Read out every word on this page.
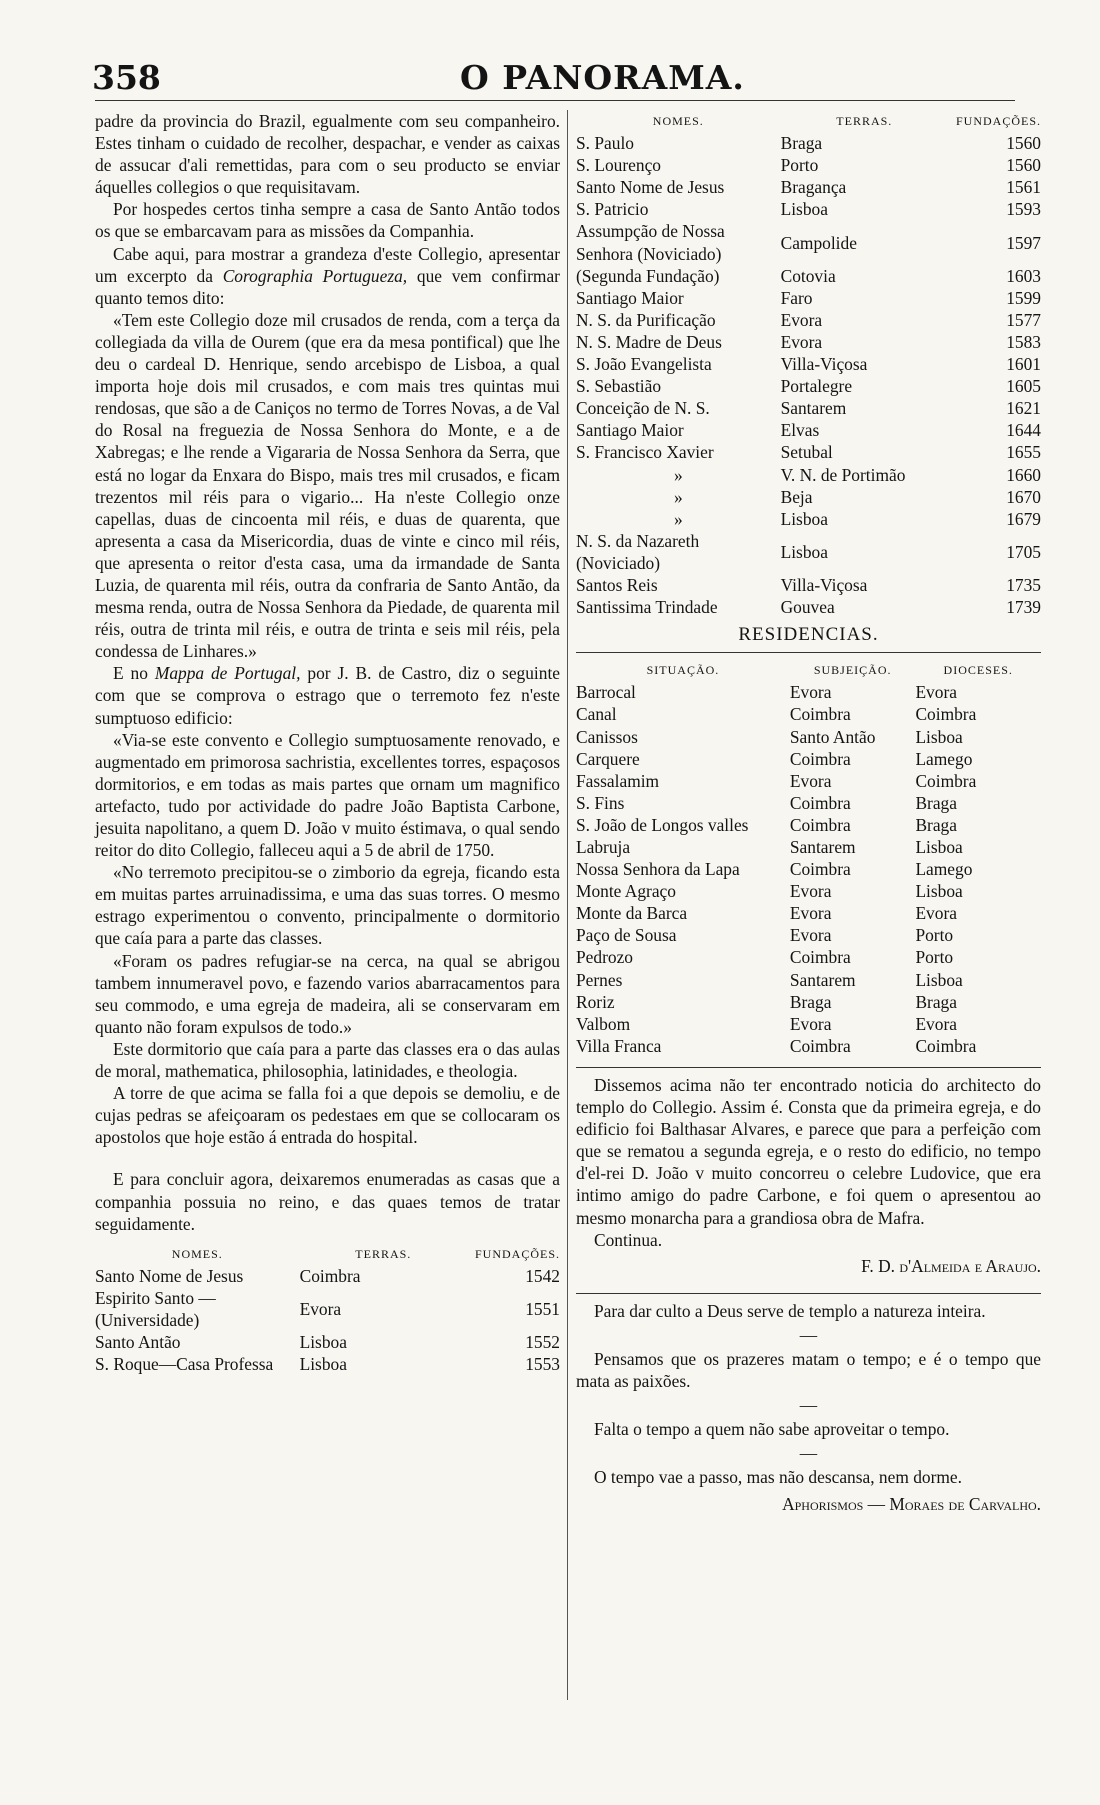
358	O PANORAMA.

padre da provincia do Brazil, egualmente com seu companheiro. Estes tinham o cuidado de recolher, despachar, e vender as caixas de assucar d'ali remettidas, para com o seu producto se enviar áquelles collegios o que requisitavam.

Por hospedes certos tinha sempre a casa de Santo Antão todos os que se embarcavam para as missões da Companhia.

Cabe aqui, para mostrar a grandeza d'este Collegio, apresentar um excerpto da Corographia Portugueza, que vem confirmar quanto temos dito:

«Tem este Collegio doze mil crusados de renda, com a terça da collegiada da villa de Ourem (que era da mesa pontifical) que lhe deu o cardeal D. Henrique, sendo arcebispo de Lisboa, a qual importa hoje dois mil crusados, e com mais tres quintas mui rendosas, que são a de Caniços no termo de Torres Novas, a de Val do Rosal na freguezia de Nossa Senhora do Monte, e a de Xabregas; e lhe rende a Vigararia de Nossa Senhora da Serra, que está no logar da Enxara do Bispo, mais tres mil crusados, e ficam trezentos mil réis para o vigario... Ha n'este Collegio onze capellas, duas de cincoenta mil réis, e duas de quarenta, que apresenta a casa da Misericordia, duas de vinte e cinco mil réis, que apresenta o reitor d'esta casa, uma da irmandade de Santa Luzia, de quarenta mil réis, outra da confraria de Santo Antão, da mesma renda, outra de Nossa Senhora da Piedade, de quarenta mil réis, outra de trinta mil réis, e outra de trinta e seis mil réis, pela condessa de Linhares.»

E no Mappa de Portugal, por J. B. de Castro, diz o seguinte com que se comprova o estrago que o terremoto fez n'este sumptuoso edificio:

«Via-se este convento e Collegio sumptuosamente renovado, e augmentado em primorosa sachristia, excellentes torres, espaçosos dormitorios, e em todas as mais partes que ornam um magnifico artefacto, tudo por actividade do padre João Baptista Carbone, jesuita napolitano, a quem D. João v muito éstimava, o qual sendo reitor do dito Collegio, falleceu aqui a 5 de abril de 1750.

«No terremoto precipitou-se o zimborio da egreja, ficando esta em muitas partes arruinadissima, e uma das suas torres. O mesmo estrago experimentou o convento, principalmente o dormitorio que caía para a parte das classes.

«Foram os padres refugiar-se na cerca, na qual se abrigou tambem innumeravel povo, e fazendo varios abarracamentos para seu commodo, e uma egreja de madeira, ali se conservaram em quanto não foram expulsos de todo.»

Este dormitorio que caía para a parte das classes era o das aulas de moral, mathematica, philosophia, latinidades, e theologia.

A torre de que acima se falla foi a que depois se demoliu, e de cujas pedras se afeiçoaram os pedestaes em que se collocaram os apostolos que hoje estão á entrada do hospital.

E para concluir agora, deixaremos enumeradas as casas que a companhia possuia no reino, e das quaes temos de tratar seguidamente.

NOMES.	TERRAS.	FUNDAÇÕES.
Santo Nome de Jesus	Coimbra	1542
Espirito Santo — (Universidade)	Evora	1551
Santo Antão	Lisboa	1552
S. Roque—Casa Professa	Lisboa	1553
NOMES.	TERRAS.	FUNDAÇÕES.
S. Paulo	Braga	1560
S. Lourenço	Porto	1560
Santo Nome de Jesus	Bragança	1561
S. Patricio	Lisboa	1593
Assumpção de Nossa Senhora (Noviciado)	Campolide	1597
(Segunda Fundação)	Cotovia	1603
Santiago Maior	Faro	1599
N. S. da Purificação	Evora	1577
N. S. Madre de Deus	Evora	1583
S. João Evangelista	Villa-Viçosa	1601
S. Sebastião	Portalegre	1605
Conceição de N. S.	Santarem	1621
Santiago Maior	Elvas	1644
S. Francisco Xavier	Setubal	1655
»	V. N. de Portimão	1660
»	Beja	1670
»	Lisboa	1679
N. S. da Nazareth (Noviciado)	Lisboa	1705
Santos Reis	Villa-Viçosa	1735
Santissima Trindade	Gouvea	1739
RESIDENCIAS.
SITUAÇÃO.	SUBJEIÇÃO.	DIOCESES.
Barrocal	Evora	Evora
Canal	Coimbra	Coimbra
Canissos	Santo Antão	Lisboa
Carquere	Coimbra	Lamego
Fassalamim	Evora	Coimbra
S. Fins	Coimbra	Braga
S. João de Longos valles	Coimbra	Braga
Labruja	Santarem	Lisboa
Nossa Senhora da Lapa	Coimbra	Lamego
Monte Agraço	Evora	Lisboa
Monte da Barca	Evora	Evora
Paço de Sousa	Evora	Porto
Pedrozo	Coimbra	Porto
Pernes	Santarem	Lisboa
Roriz	Braga	Braga
Valbom	Evora	Evora
Villa Franca	Coimbra	Coimbra

Dissemos acima não ter encontrado noticia do architecto do templo do Collegio. Assim é. Consta que da primeira egreja, e do edificio foi Balthasar Alvares, e parece que para a perfeição com que se rematou a segunda egreja, e o resto do edificio, no tempo d'el-rei D. João v muito concorreu o celebre Ludovice, que era intimo amigo do padre Carbone, e foi quem o apresentou ao mesmo monarcha para a grandiosa obra de Mafra.

Continua.

F. D. d'Almeida e Araujo.

Para dar culto a Deus serve de templo a natureza inteira.

—

Pensamos que os prazeres matam o tempo; e é o tempo que mata as paixões.

—

Falta o tempo a quem não sabe aproveitar o tempo.

—

O tempo vae a passo, mas não descansa, nem dorme.

Aphorismos — Moraes de Carvalho.
